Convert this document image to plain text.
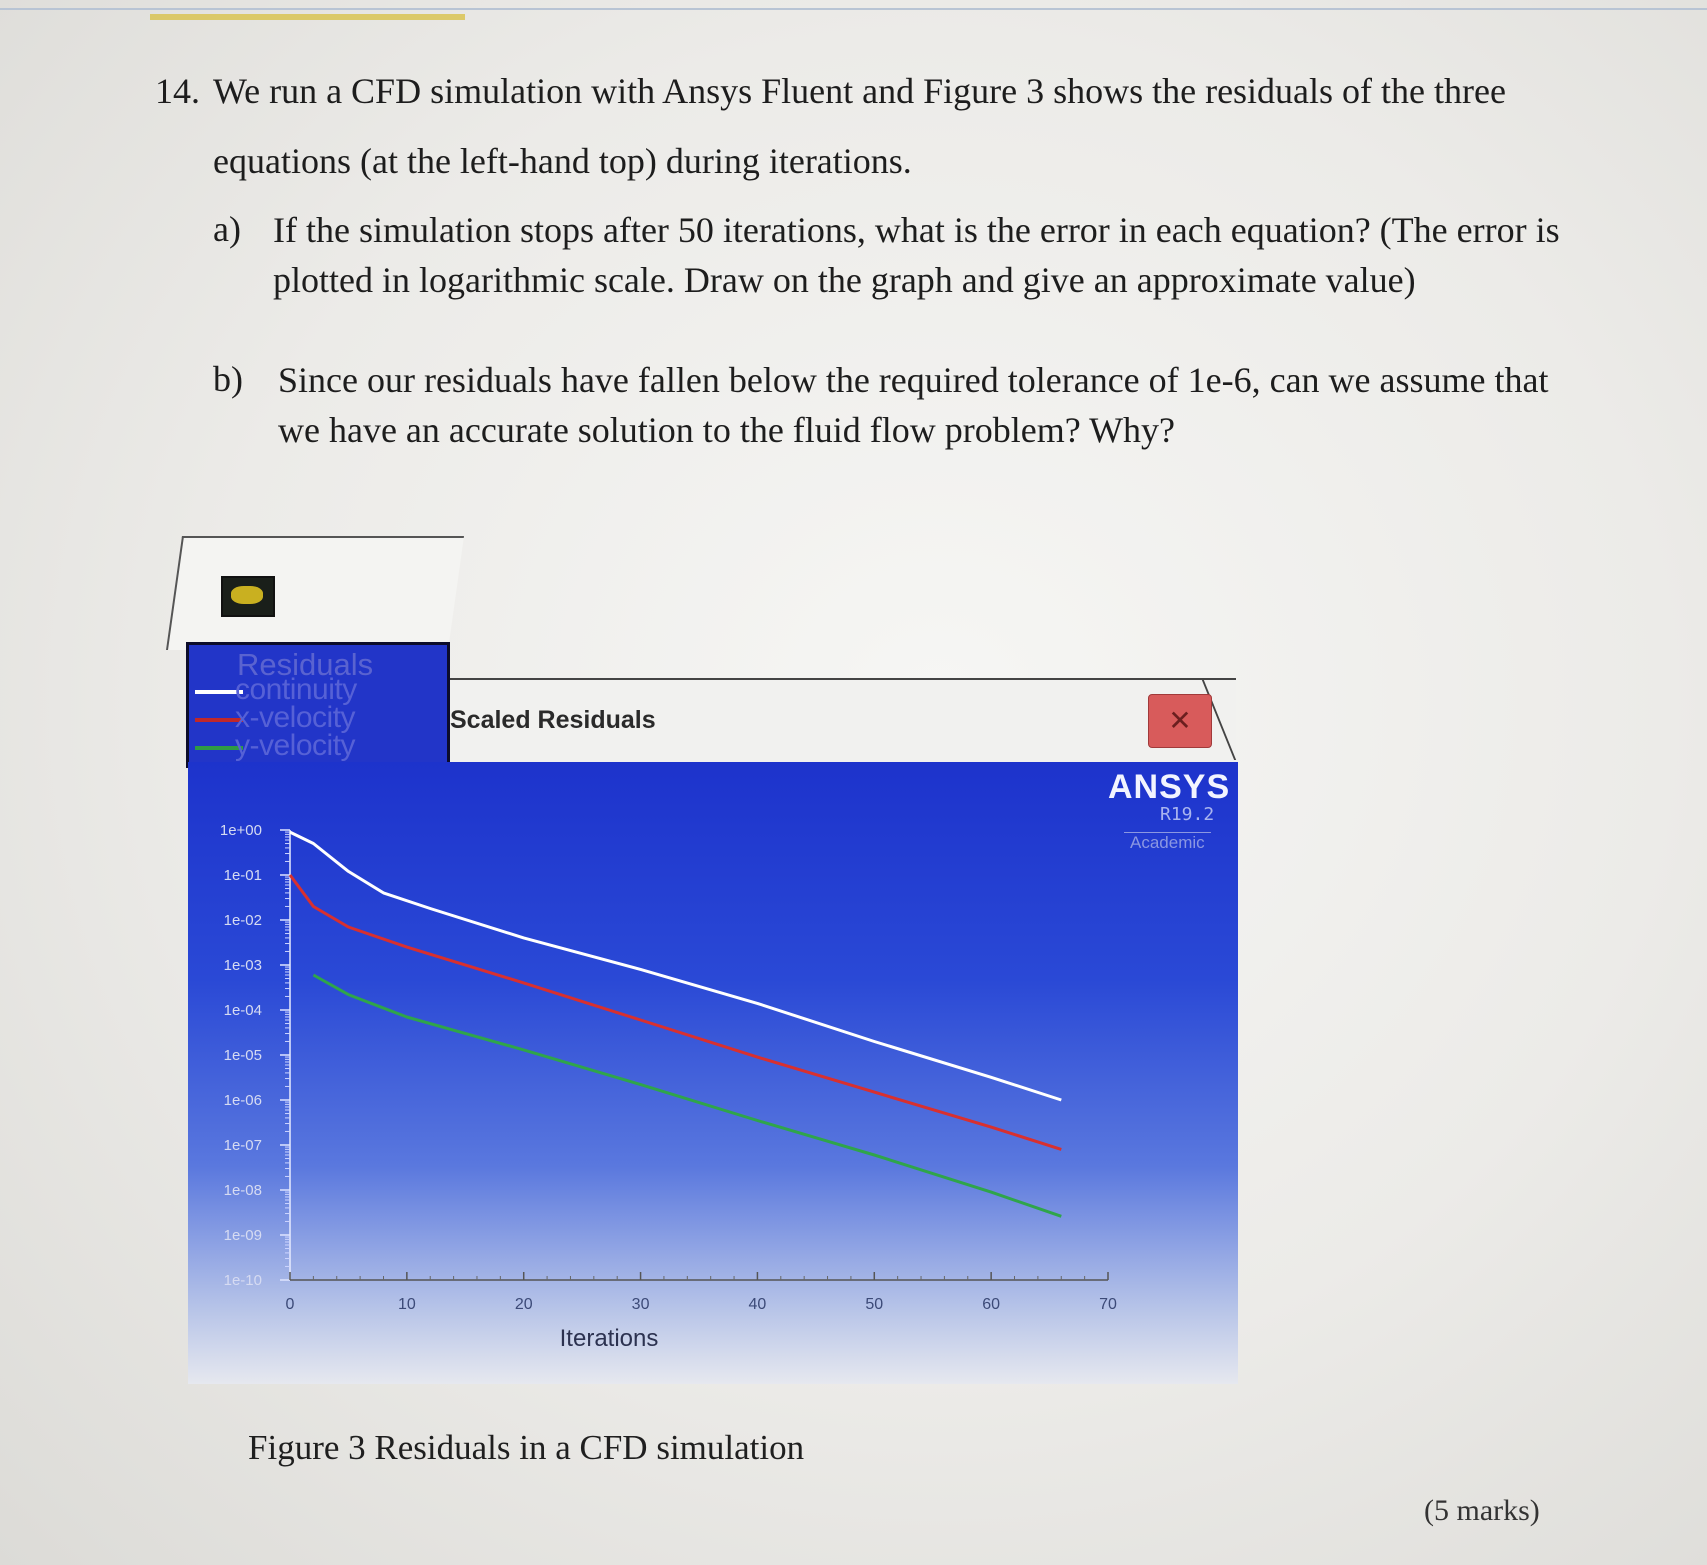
14. We run a CFD simulation with Ansys Fluent and Figure 3 shows the residuals of the three
equations (at the left-hand top) during iterations.
a) If the simulation stops after 50 iterations, what is the error in each equation? (The error is plotted in logarithmic scale. Draw on the graph and give an approximate value)
b) Since our residuals have fallen below the required tolerance of 1e-6, can we assume that we have an accurate solution to the fluid flow problem? Why?
Scaled Residuals	✕
Residuals
continuity
x-velocity
y-velocity
1e+00
1e-01
1e-02
1e-03
1e-04
1e-05
1e-06
1e-07
1e-08
1e-09
1e-10
0	10	20	30	40	50	60	70
Iterations
ANSYS
R19.2
Academic
Figure 3 Residuals in a CFD simulation
(5 marks)
